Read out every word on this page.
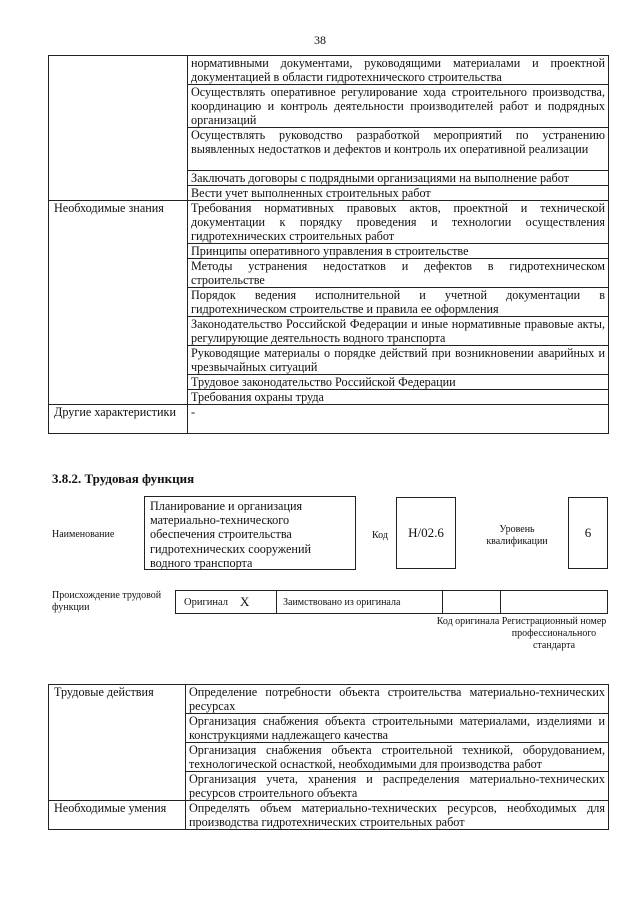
38
	нормативными документами, руководящими материалами и проектной документацией в области гидротехнического строительства
	Осуществлять оперативное регулирование хода строительного производства, координацию и контроль деятельности производителей работ и подрядных организаций
	Осуществлять руководство разработкой мероприятий по устранению выявленных недостатков и дефектов и контроль их оперативной реализации
	Заключать договоры с подрядными организациями на выполнение работ
	Вести учет выполненных строительных работ
Необходимые знания	Требования нормативных правовых актов, проектной и технической документации к порядку проведения и технологии осуществления гидротехнических строительных работ
	Принципы оперативного управления в строительстве
	Методы устранения недостатков и дефектов в гидротехническом строительстве
	Порядок ведения исполнительной и учетной документации в гидротехническом строительстве и правила ее оформления
	Законодательство Российской Федерации и иные нормативные правовые акты, регулирующие деятельность водного транспорта
	Руководящие материалы о порядке действий при возникновении аварийных и чрезвычайных ситуаций
	Трудовое законодательство Российской Федерации
	Требования охраны труда
Другие характеристики	-
3.8.2. Трудовая функция
Наименование
Планирование и организация материально-технического обеспечения строительства гидротехнических сооружений водного транспорта
Код	H/02.6	Уровень квалификации
6
Происхождение трудовой функции	Оригинал X	Заимствовано из оригинала
Код оригинала Регистрационный номер профессионального стандарта
Трудовые действия	Определение потребности объекта строительства материально-технических ресурсах
	Организация снабжения объекта строительными материалами, изделиями и конструкциями надлежащего качества
	Организация снабжения объекта строительной техникой, оборудованием, технологической оснасткой, необходимыми для производства работ
	Организация учета, хранения и распределения материально-технических ресурсов строительного объекта
Необходимые умения	Определять объем материально-технических ресурсов, необходимых для производства гидротехнических строительных работ
